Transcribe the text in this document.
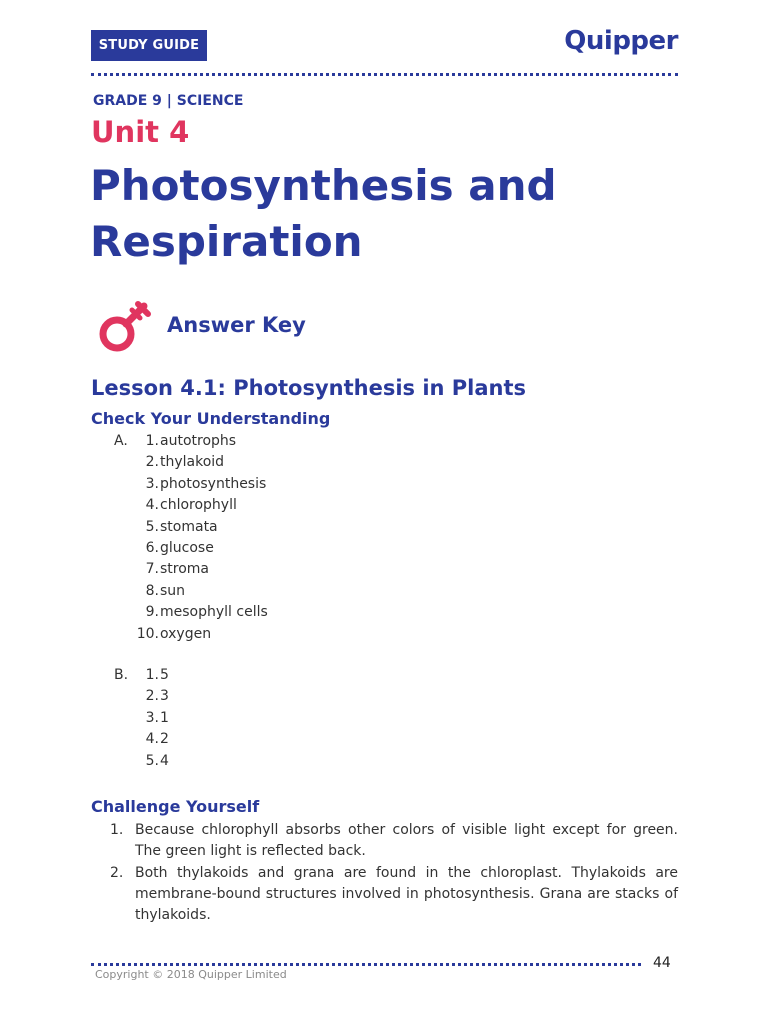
STUDY GUIDE	Quipper
GRADE 9 | SCIENCE
Unit 4
Photosynthesis and Respiration
Answer Key
Lesson 4.1: Photosynthesis in Plants
Check Your Understanding
A.	1. autotrophs
2. thylakoid
3. photosynthesis
4. chlorophyll
5. stomata
6. glucose
7. stroma
8. sun
9. mesophyll cells
10. oxygen
B.	1. 5
2. 3
3. 1
4. 2
5. 4
Challenge Yourself
1. Because chlorophyll absorbs other colors of visible light except for green. The green light is reflected back.
2. Both thylakoids and grana are found in the chloroplast. Thylakoids are membrane-bound structures involved in photosynthesis. Grana are stacks of thylakoids.
44
Copyright © 2018 Quipper Limited
